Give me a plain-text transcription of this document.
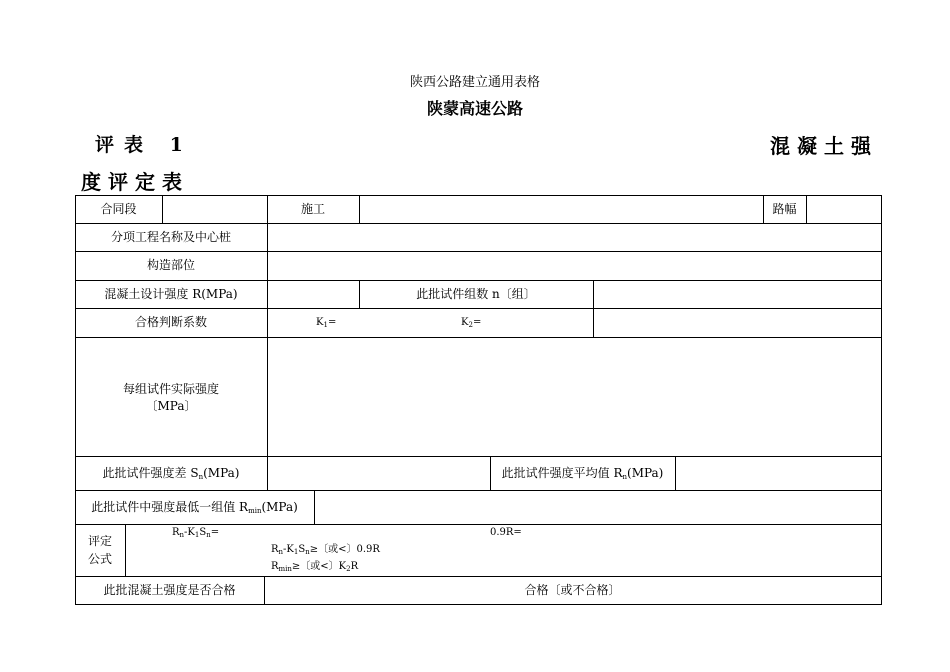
陕西公路建立通用表格
陕蒙高速公路
评表 1	混凝土强
度评定表
合同段	施工	路幅
分项工程名称及中心桩
构造部位
混凝土设计强度 R(MPa)	此批试件组数 n〔组〕
合格判断系数	$K_1=$	$K_2=$
每组试件实际强度
〔MPa〕
此批试件强度差 $S_n(MPa)$	此批试件强度平均值 $R_n(MPa)$
此批试件中强度最低一组值 $R_{min}(MPa)$
评定
公式
$R_n-K_1S_n=$	0.9R=
$R_n-K_1S_n\ge$〔或<〕0.9R
$R_{min}\ge$〔或<〕$K_2R$
此批混凝土强度是否合格	合格〔或不合格〕
